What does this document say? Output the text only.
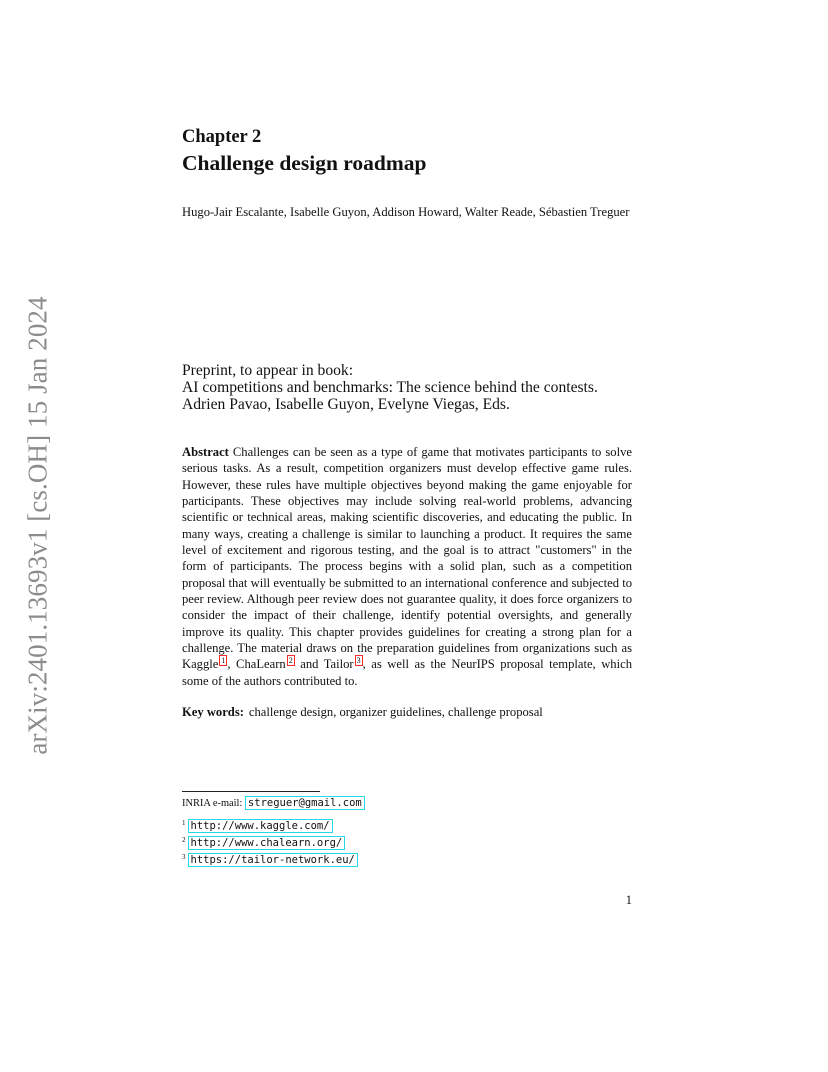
arXiv:2401.13693v1 [cs.OH] 15 Jan 2024
Chapter 2
Challenge design roadmap
Hugo-Jair Escalante, Isabelle Guyon, Addison Howard, Walter Reade, Sébastien Treguer
Preprint, to appear in book:
AI competitions and benchmarks: The science behind the contests.
Adrien Pavao, Isabelle Guyon, Evelyne Viegas, Eds.

Abstract Challenges can be seen as a type of game that motivates participants to solve serious tasks. As a result, competition organizers must develop effective game rules. However, these rules have multiple objectives beyond making the game enjoyable for participants. These objectives may include solving real-world problems, advancing scientific or technical areas, making scientific discoveries, and educating the public. In many ways, creating a challenge is similar to launching a product. It requires the same level of excitement and rigorous testing, and the goal is to attract "customers" in the form of participants. The process begins with a solid plan, such as a competition proposal that will eventually be submitted to an international conference and subjected to peer review. Although peer review does not guarantee quality, it does force organizers to consider the impact of their challenge, identify potential oversights, and generally improve its quality. This chapter provides guidelines for creating a strong plan for a challenge. The material draws on the preparation guidelines from organizations such as Kaggle $^1$ , ChaLearn $^2$ and Tailor $^3$ , as well as the NeurIPS proposal template, which some of the authors contributed to.

Key words: challenge design, organizer guidelines, challenge proposal
INRIA e-mail: streguer@gmail.com
$^1$ http://www.kaggle.com/
$^2$ http://www.chalearn.org/
$^3$ https://tailor-network.eu/
1
